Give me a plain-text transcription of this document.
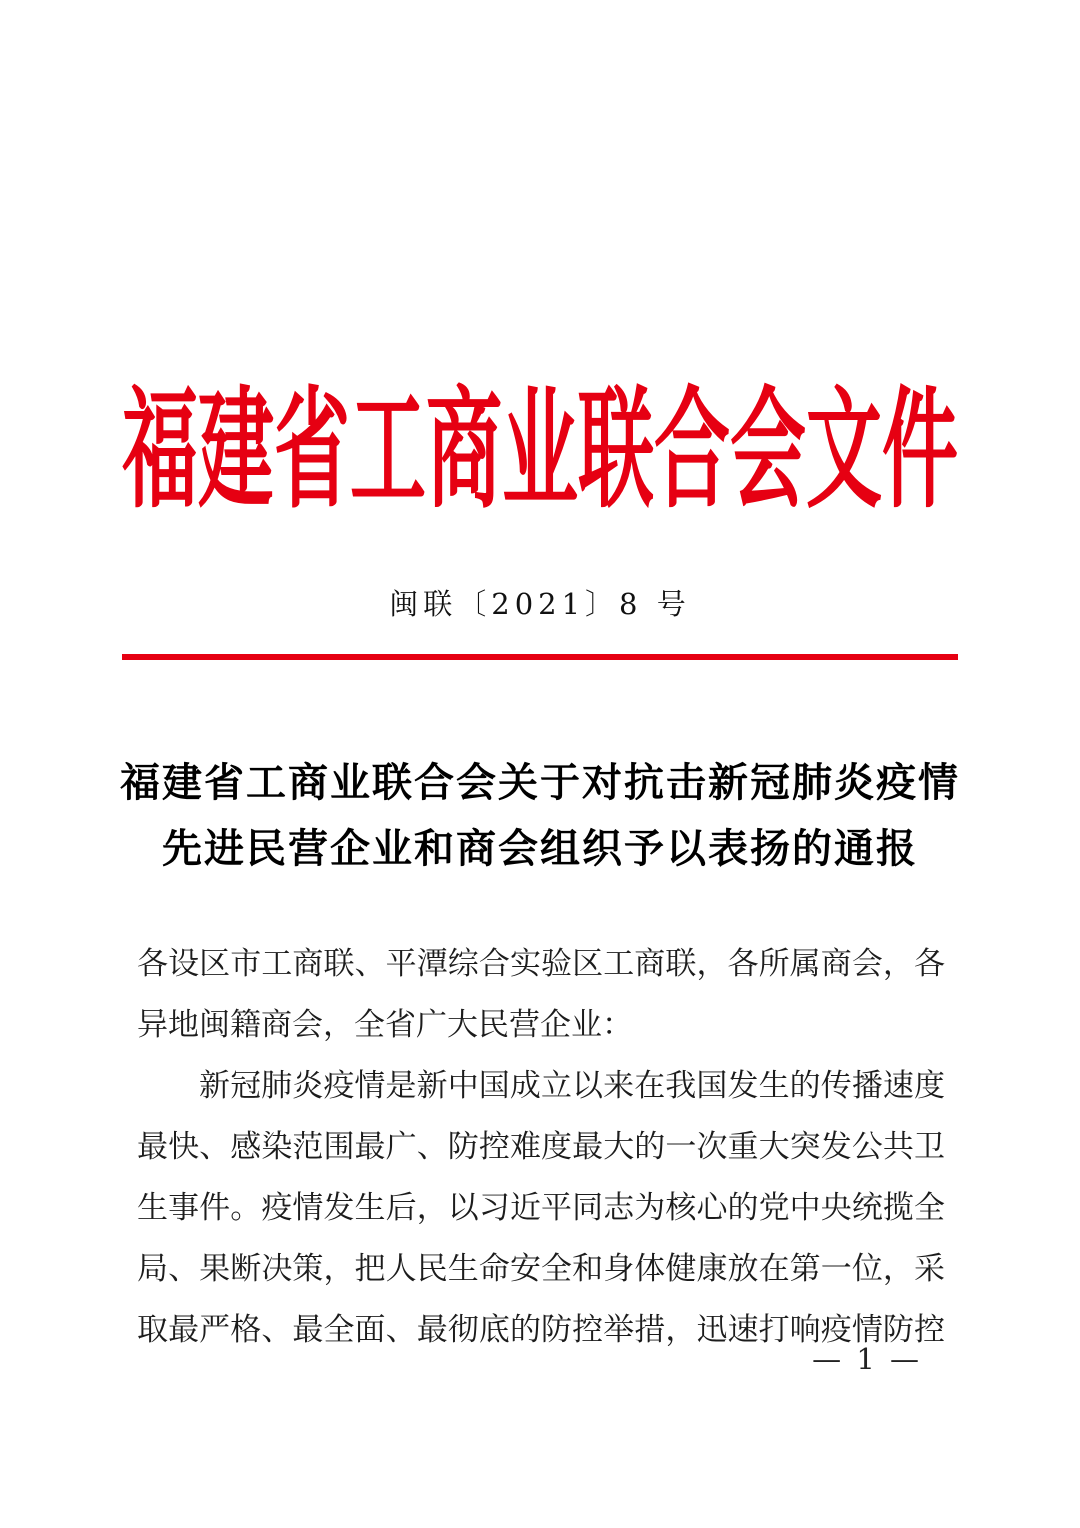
福建省工商业联合会文件
闽联〔2021〕8 号
福建省工商业联合会关于对抗击新冠肺炎疫情
先进民营企业和商会组织予以表扬的通报

各设区市工商联、平潭综合实验区工商联，各所属商会，各

异地闽籍商会，全省广大民营企业：

新冠肺炎疫情是新中国成立以来在我国发生的传播速度

最快、感染范围最广、防控难度最大的一次重大突发公共卫

生事件。疫情发生后，以习近平同志为核心的党中央统揽全

局、果断决策，把人民生命安全和身体健康放在第一位，采

取最严格、最全面、最彻底的防控举措，迅速打响疫情防控

— 1 —
